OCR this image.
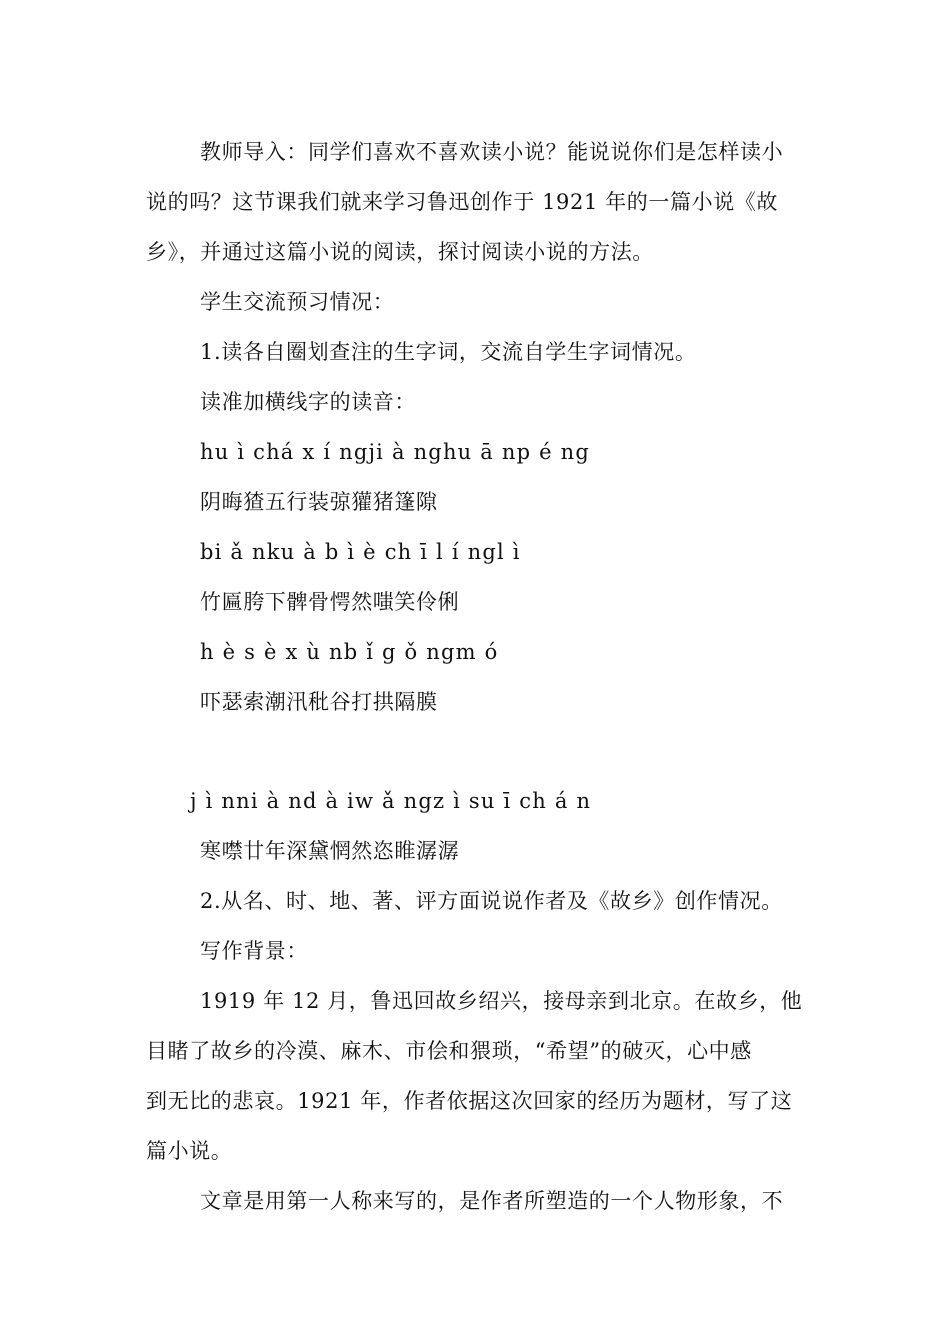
教师导入：同学们喜欢不喜欢读小说？能说说你们是怎样读小
说的吗？这节课我们就来学习鲁迅创作于 1921 年的一篇小说《故
乡》，并通过这篇小说的阅读，探讨阅读小说的方法。
学生交流预习情况：
1.读各自圈划查注的生字词，交流自学生字词情况。
读准加横线字的读音：
hu ì chá x í ngji à nghu ā np é ng
阴晦猹五行装弶獾猪篷隙
bi ǎ nku à b ì è ch ī l í ngl ì
竹匾胯下髀骨愕然嗤笑伶俐
h è s è x ù nb ǐ g ǒ ngm ó
吓瑟索潮汛秕谷打拱隔膜
j ì nni à nd à iw ǎ ngz ì su ī ch á n
寒噤廿年深黛惘然恣睢潺潺
2.从名、时、地、著、评方面说说作者及《故乡》创作情况。
写作背景：
1919 年 12 月，鲁迅回故乡绍兴，接母亲到北京。在故乡，他
目睹了故乡的冷漠、麻木、市侩和猥琐，“希望”的破灭，心中感
到无比的悲哀。1921 年，作者依据这次回家的经历为题材，写了这
篇小说。
文章是用第一人称来写的，是作者所塑造的一个人物形象，不
